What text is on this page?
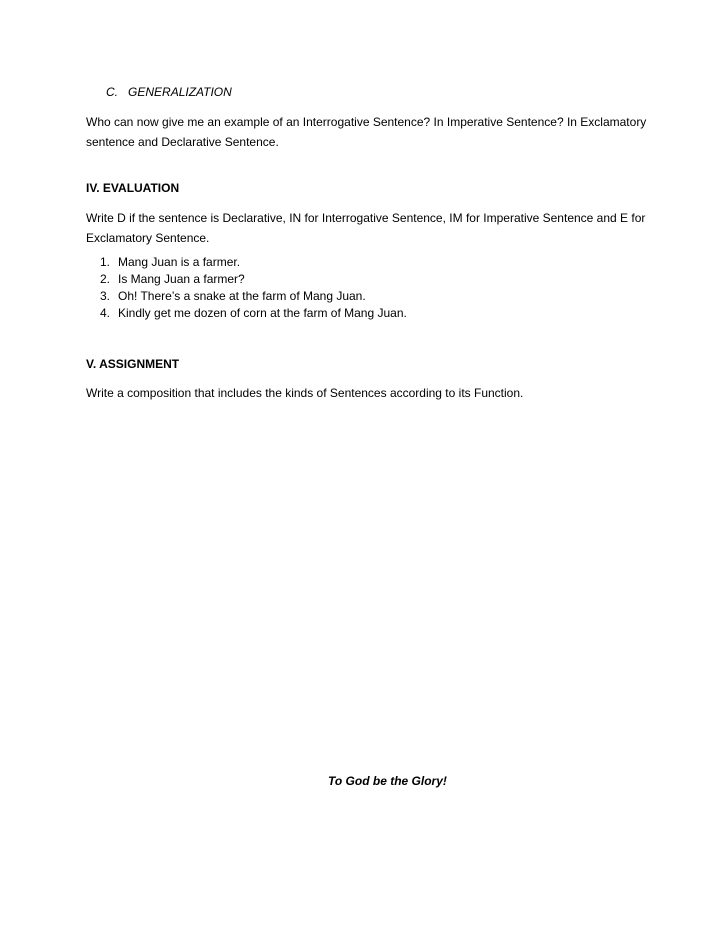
C. GENERALIZATION
Who can now give me an example of an Interrogative Sentence? In Imperative Sentence? In Exclamatory
sentence and Declarative Sentence.
IV. EVALUATION
Write D if the sentence is Declarative, IN for Interrogative Sentence, IM for Imperative Sentence and E for
Exclamatory Sentence.
1. Mang Juan is a farmer.
2. Is Mang Juan a farmer?
3. Oh! There’s a snake at the farm of Mang Juan.
4. Kindly get me dozen of corn at the farm of Mang Juan.
V. ASSIGNMENT
Write a composition that includes the kinds of Sentences according to its Function.
To God be the Glory!
